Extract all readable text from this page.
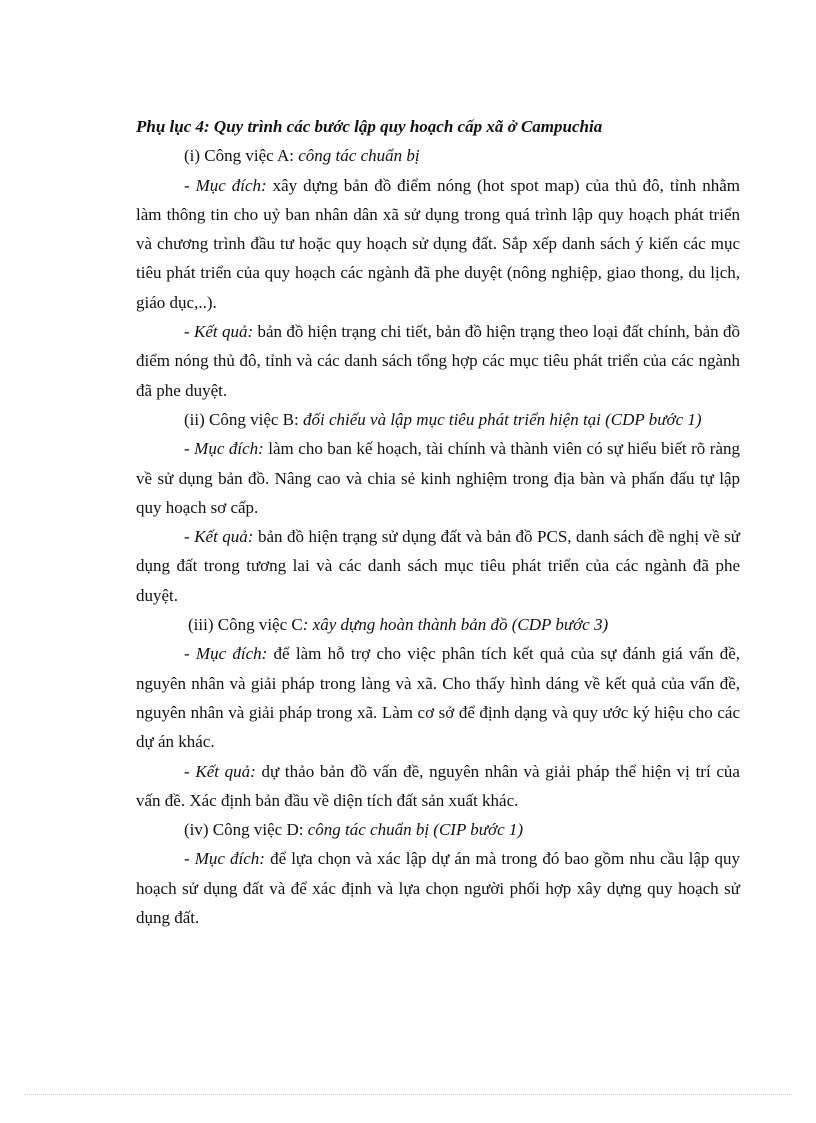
Phụ lục 4: Quy trình các bước lập quy hoạch cấp xã ở Campuchia

(i) Công việc A: công tác chuẩn bị

- Mục đích: xây dựng bản đồ điểm nóng (hot spot map) của thủ đô, tỉnh nhằm làm thông tin cho uỷ ban nhân dân xã sử dụng trong quá trình lập quy hoạch phát triển và chương trình đầu tư hoặc quy hoạch sử dụng đất. Sắp xếp danh sách ý kiến các mục tiêu phát triển của quy hoạch các ngành đã phe duyệt (nông nghiệp, giao thong, du lịch, giáo dục,..).

- Kết quả: bản đồ hiện trạng chi tiết, bản đồ hiện trạng theo loại đất chính, bản đồ điểm nóng thủ đô, tỉnh và các danh sách tổng hợp các mục tiêu phát triển của các ngành đã phe duyệt.

(ii) Công việc B: đối chiếu và lập mục tiêu phát triển hiện tại (CDP bước 1)

- Mục đích: làm cho ban kế hoạch, tài chính và thành viên có sự hiểu biết rõ ràng về sử dụng bản đồ. Nâng cao và chia sẻ kinh nghiệm trong địa bàn và phấn đấu tự lập quy hoạch sơ cấp.

- Kết quả: bản đồ hiện trạng sử dụng đất và bản đồ PCS, danh sách đề nghị về sử dụng đất trong tương lai và các danh sách mục tiêu phát triển của các ngành đã phe duyệt.

(iii) Công việc C: xây dựng hoàn thành bản đồ (CDP bước 3)

- Mục đích: để làm hỗ trợ cho việc phân tích kết quả của sự đánh giá vấn đề, nguyên nhân và giải pháp trong làng và xã. Cho thấy hình dáng về kết quả của vấn đề, nguyên nhân và giải pháp trong xã. Làm cơ sở để định dạng và quy ước ký hiệu cho các dự án khác.

- Kết quả: dự thảo bản đồ vấn đề, nguyên nhân và giải pháp thể hiện vị trí của vấn đề. Xác định bản đầu về diện tích đất sản xuất khác.

(iv) Công việc D: công tác chuẩn bị (CIP bước 1)

- Mục đích: để lựa chọn và xác lập dự án mà trong đó bao gồm nhu cầu lập quy hoạch sử dụng đất và để xác định và lựa chọn người phối hợp xây dựng quy hoạch sử dụng đất.
